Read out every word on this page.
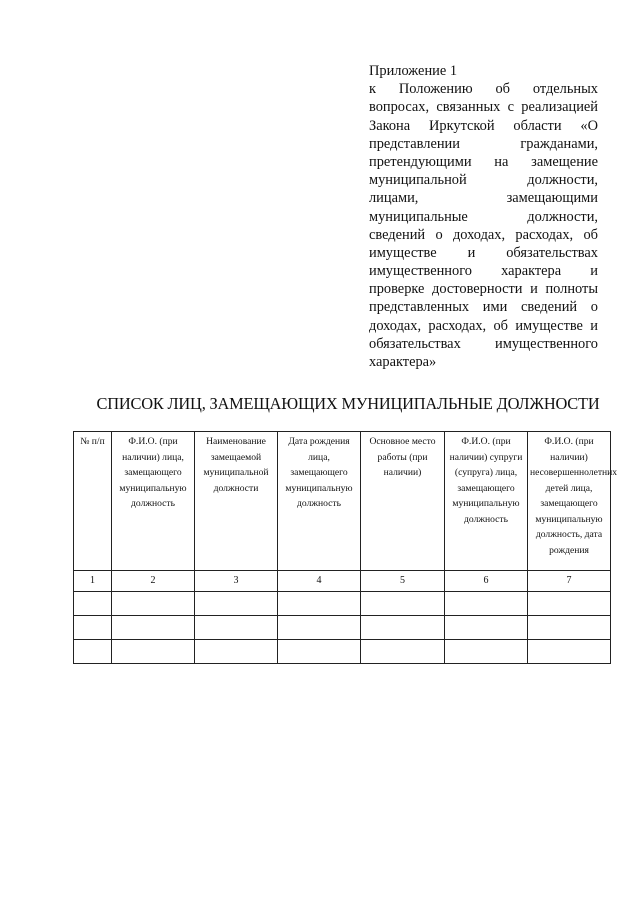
Приложение 1
к Положению об отдельных
вопросах, связанных с реализацией
Закона Иркутской области «О
представлении гражданами,
претендующими на замещение
муниципальной должности,
лицами, замещающими
муниципальные должности,
сведений о доходах, расходах, об
имуществе и обязательствах
имущественного характера и
проверке достоверности и полноты
представленных ими сведений о
доходах, расходах, об имуществе и
обязательствах имущественного
характера»
СПИСОК ЛИЦ, ЗАМЕЩАЮЩИХ МУНИЦИПАЛЬНЫЕ ДОЛЖНОСТИ
№ п/п	Ф.И.О. (при наличии) лица, замещающего муниципальную должность	Наименование замещаемой муниципальной должности	Дата рождения лица, замещающего муниципальную должность	Основное место работы (при наличии)	Ф.И.О. (при наличии) супруги (супруга) лица, замещающего муниципальную должность	Ф.И.О. (при наличии) несовершеннолетних детей лица, замещающего муниципальную должность, дата рождения

1	2	3	4	5	6	7
